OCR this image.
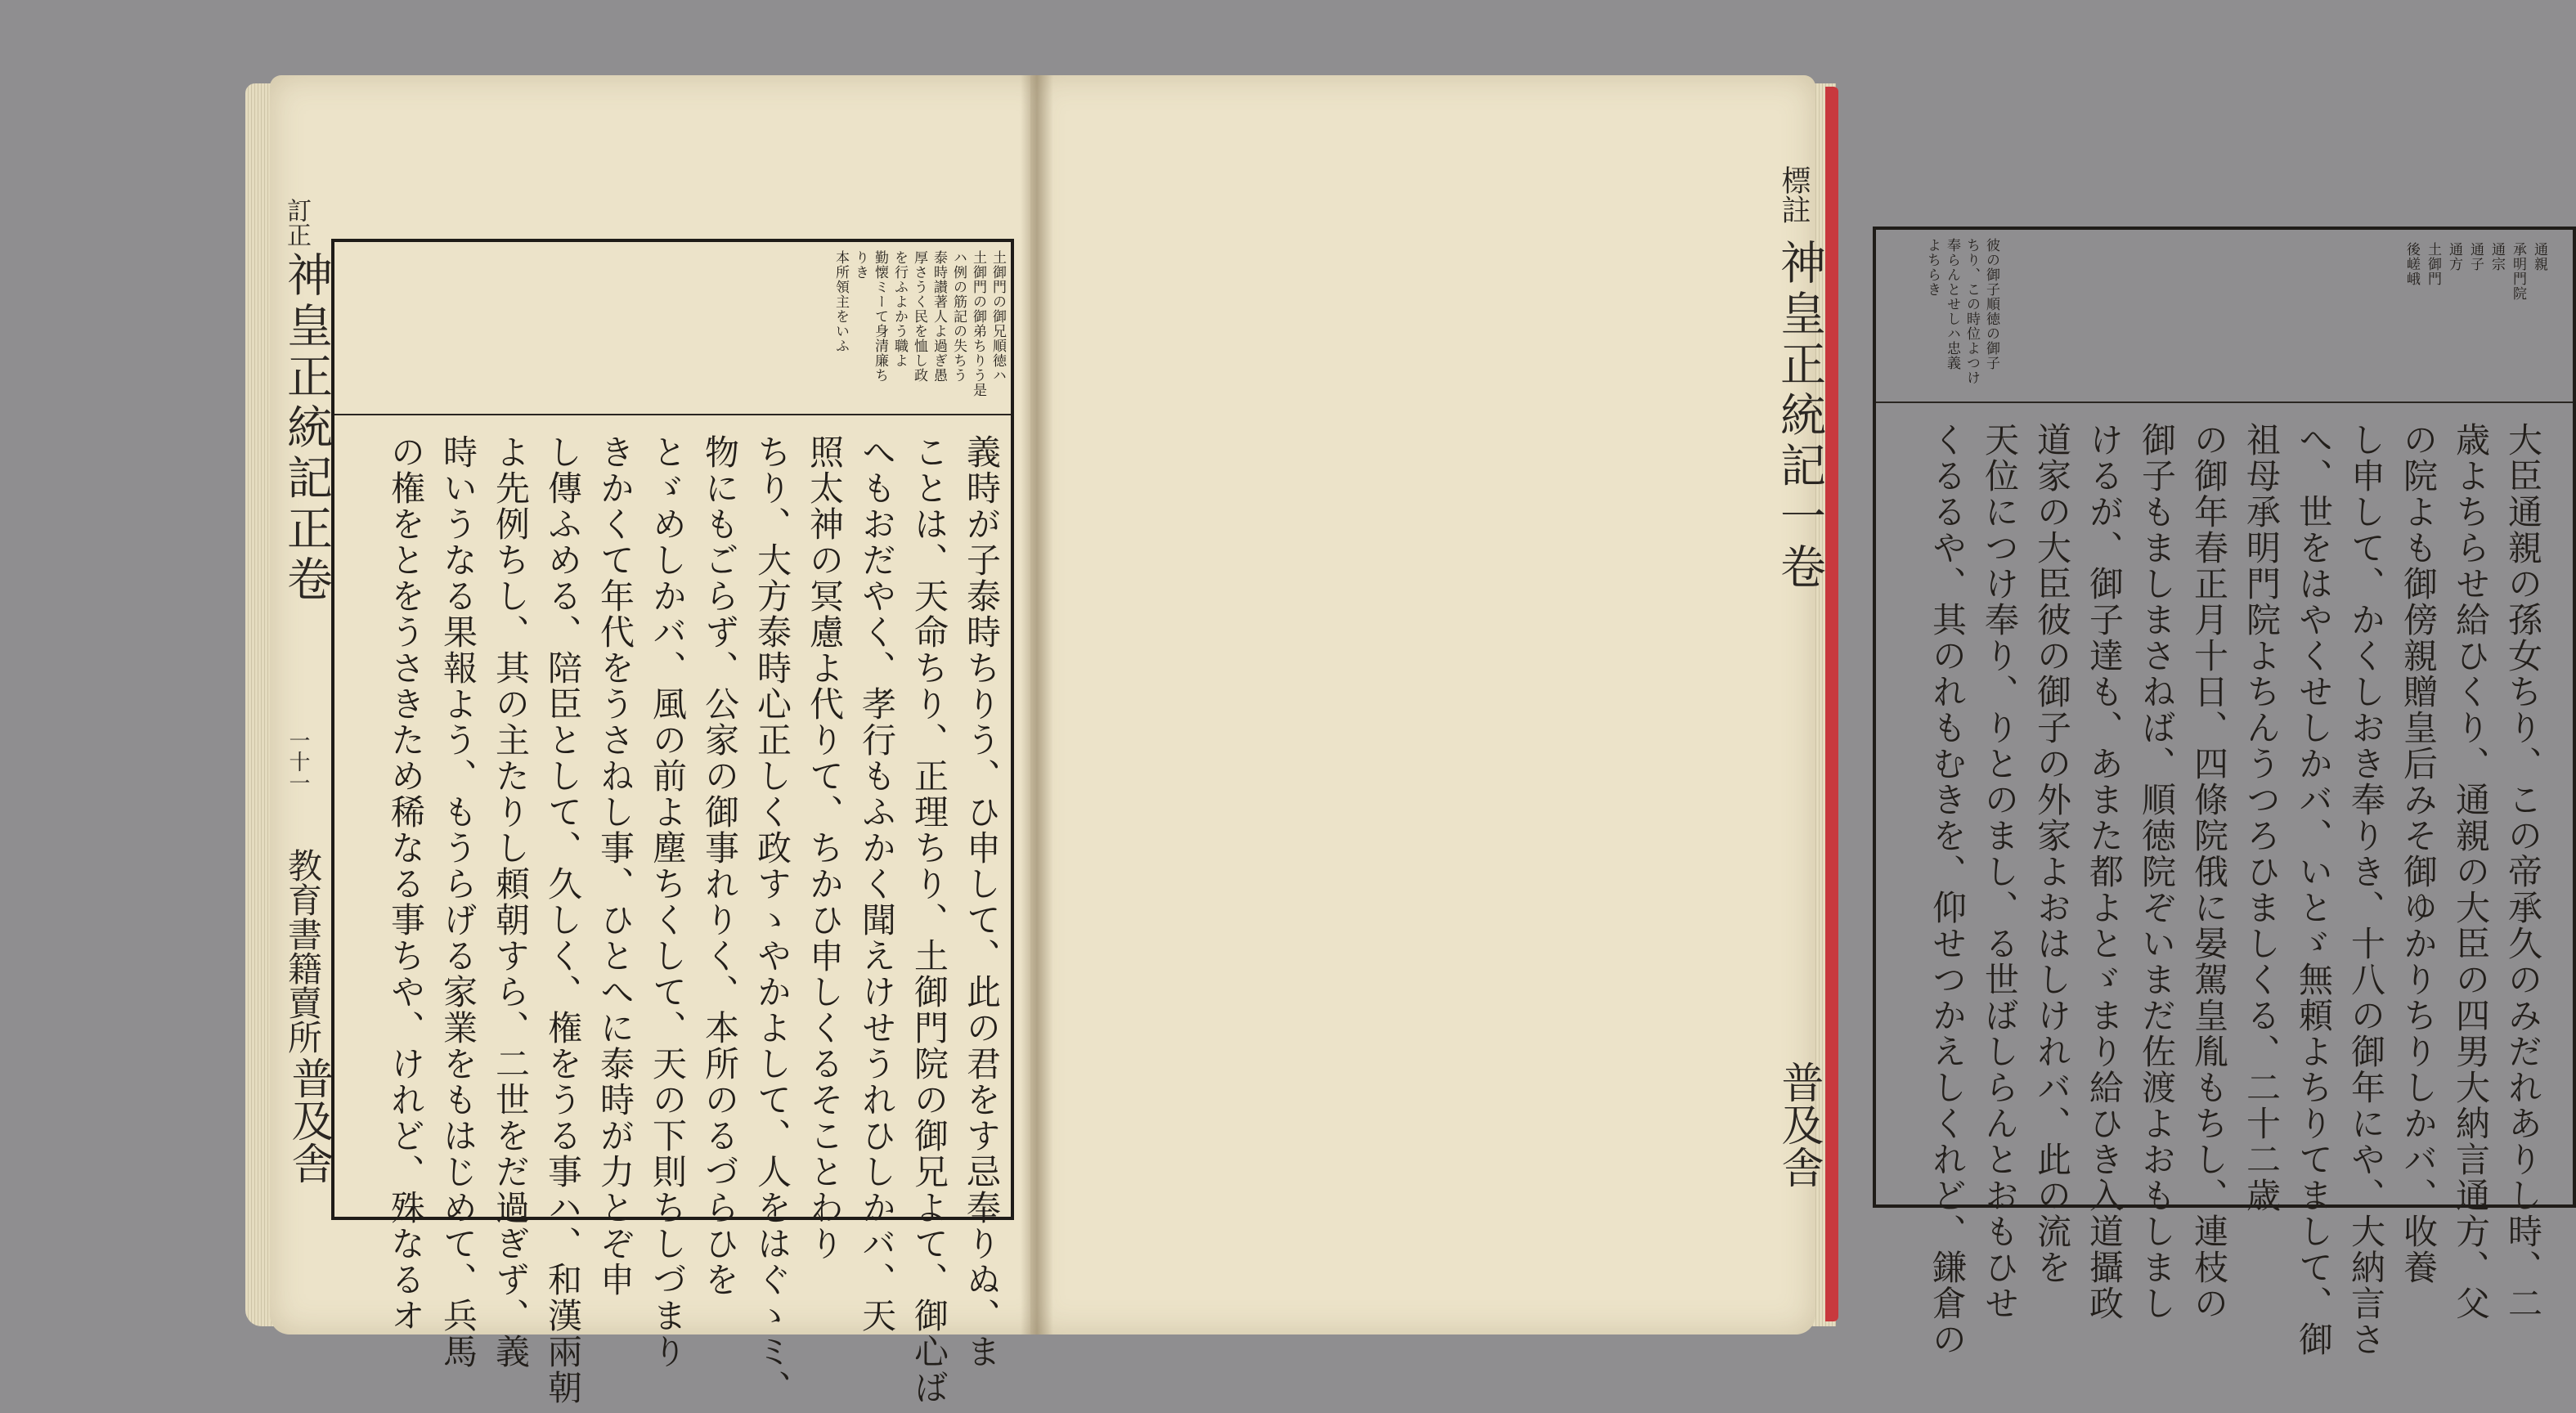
訂正
神皇正統記正卷
一十一
教育書籍賣所
普及舎
土御門の御兄順徳ハ
土御門の御弟ちりう是
ハ例の筋記の失ちう
泰時讃著人よ過ぎ愚
厚さうく民を恤し政
を行ふよかう職よ
勤懐ミーて身清廉ち
りき
本所領主をいふ
義時が子泰時ちりう、ひ申して、此の君をす忌奉りぬ、ま
ことは、天命ちり、正理ちり、土御門院の御兄よて、御心ば
へもおだやく、孝行もふかく聞えけせうれひしかバ、天
照太神の冥慮よ代りて、ちかひ申しくるそことわり
ちり、大方泰時心正しく政すゝやかよして、人をはぐゝミ、
物にもごらず、公家の御事れりく、本所のるづらひを
とゞめしかバ、風の前よ塵ちくして、天の下則ちしづまり
きかくて年代をうさねし事、ひとへに泰時が力とぞ申
し傳ふめる、陪臣として、久しく、権をうる事ハ、和漢兩朝
よ先例ちし、其の主たりし頼朝すら、二世をだ過ぎず、義
時いうなる果報よう、もうらげる家業をもはじめて、兵馬
の権をとをうさきため稀なる事ちや、けれど、殊なるオ
通親
承明門院
通宗
通子
通方
土御門
後嵯峨
彼の御子順徳の御子
ちり、この時位よつけ
奉らんとせしハ忠義
よちらき
大臣通親の孫女ちり、この帝承久のみだれありし時、二
歳よちらせ給ひくり、通親の大臣の四男大納言通方、父
の院よも御傍親贈皇后みそ御ゆかりちりしかバ、收養
し申して、かくしおき奉りき、十八の御年にや、大納言さ
へ、世をはやくせしかバ、いとゞ無頼よちりてまして、御
祖母承明門院よちんうつろひましくる、二十二歳
の御年春正月十日、四條院俄に晏駕皇胤もちし、連枝の
御子もましまさねば、順徳院ぞいまだ佐渡よおもしまし
けるが、御子達も、あまた都よとゞまり給ひき入道攝政
道家の大臣彼の御子の外家よおはしけれバ、此の流を
天位につけ奉り、りとのまし、る世ばしらんとおもひせ
くるるや、其のれもむきを、仰せつかえしくれど、鎌倉の
標註
神皇正統記一卷
普及舎
